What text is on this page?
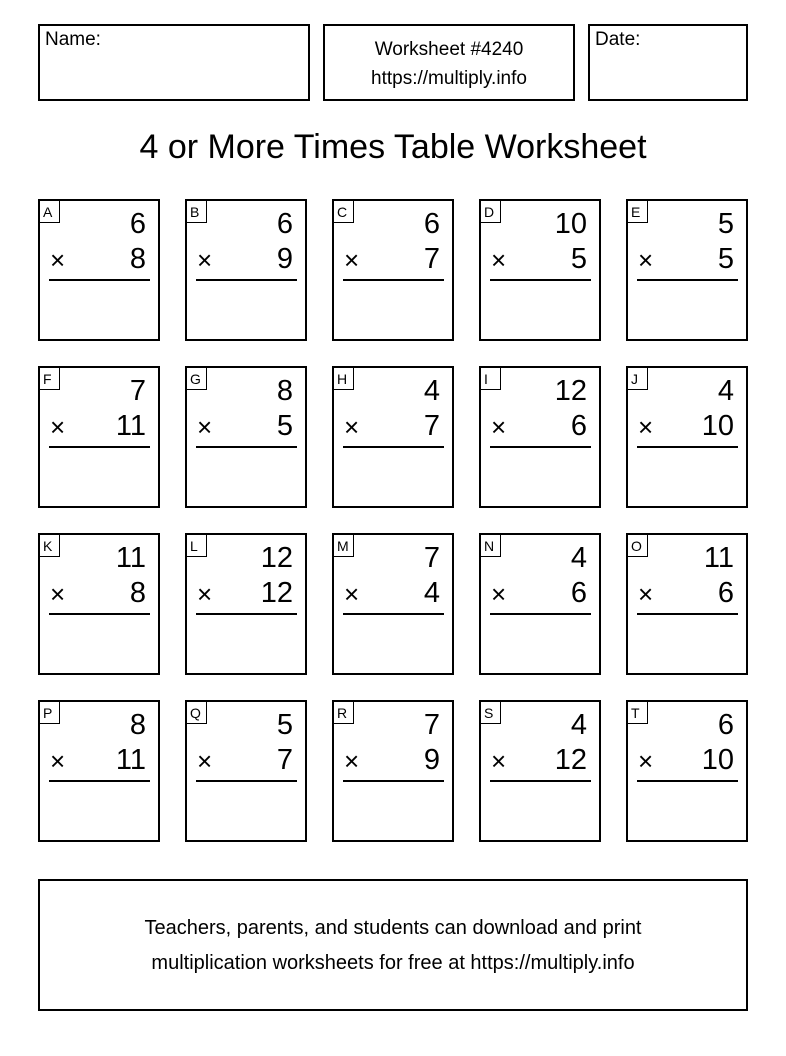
Name:	Worksheet #4240
https://multiply.info
Date:
4 or More Times Table Worksheet
A	6
× 8
B	6
× 9
C	6
× 7
D 10
× 5
E	5
× 5
F	7
× 11
G	8
× 5
H	4
× 7
I	12
× 6
J	4
× 10
K 11
× 8
L	12
× 12
M	7
× 4
N	4
× 6
O 11
× 6
P	8
× 11
Q	5
× 7
R	7
× 9
S	4
× 12
T	6
× 10
Teachers, parents, and students can download and print
multiplication worksheets for free at https://multiply.info
